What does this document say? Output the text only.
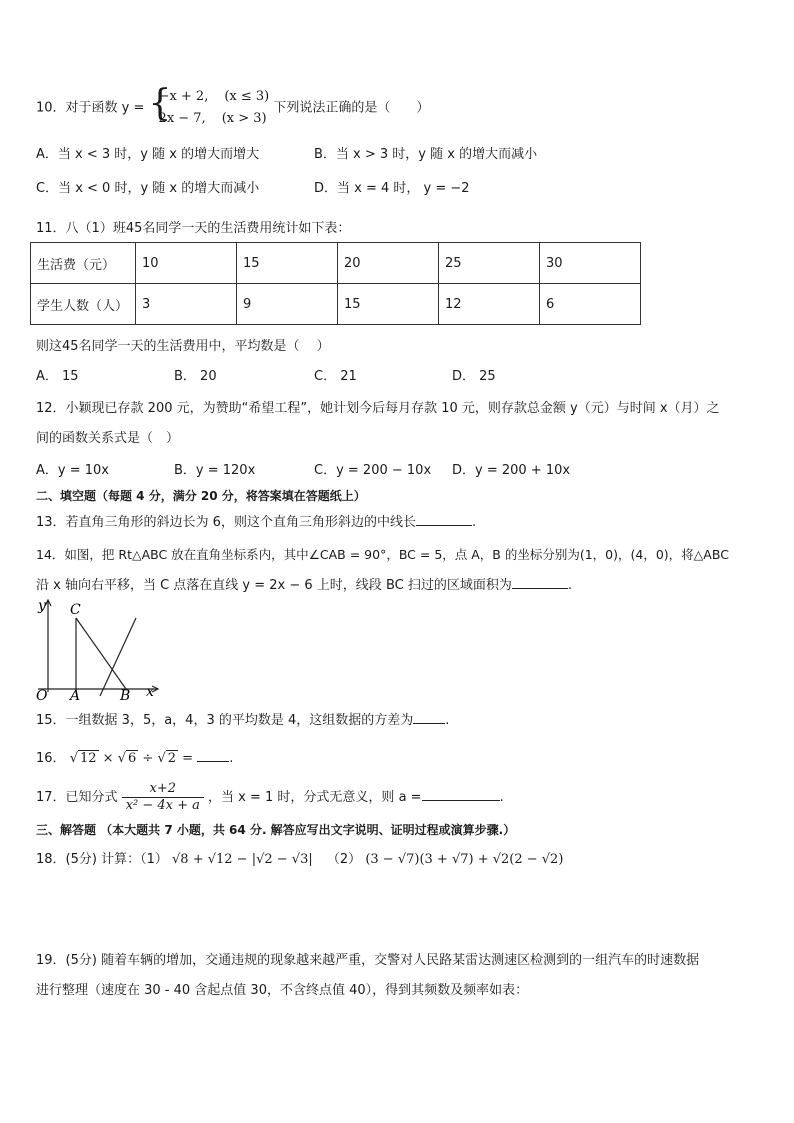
10．对于函数 y = {
−x + 2, (x ≤ 3)
2x − 7, (x > 3)
下列说法正确的是（　　）
A．当 x < 3 时，y 随 x 的增大而增大	B．当 x > 3 时，y 随 x 的增大而减小
C．当 x < 0 时，y 随 x 的增大而减小	D．当 x = 4 时， y = −2
11．八（1）班45名同学一天的生活费用统计如下表：
生活费（元）	10	15	20	25	30
学生人数（人）	3	9	15	12	6
则这45名同学一天的生活费用中，平均数是（　 ）
A． 15	B． 20	C． 21	D． 25
12．小颖现已存款 200 元，为赞助“希望工程”，她计划今后每月存款 10 元，则存款总金额 y（元）与时间 x（月）之
间的函数关系式是（　）
A．y = 10x	B．y = 120x	C．y = 200 − 10x D．y = 200 + 10x
二、填空题（每题 4 分，满分 20 分，将答案填在答题纸上）
13．若直角三角形的斜边长为 6，则这个直角三角形斜边的中线长	.
14．如图，把 Rt△ABC 放在直角坐标系内，其中∠CAB = 90°，BC = 5，点 A，B 的坐标分别为(1，0)，(4，0)，将△ABC
沿 x 轴向右平移，当 C 点落在直线 y = 2x − 6 上时，线段 BC 扫过的区域面积为	.
y C
O A	B x
15．一组数据 3，5，a，4，3 的平均数是 4，这组数据的方差为 .
16． √ 12 × √ 6 ÷ √ 2 = .
17．已知分式 $\frac{x+2}{\text{x² − 4x + a}}$ ，当 x = 1 时，分式无意义，则 a =	.
三、解答题 （本大题共 7 小题，共 64 分. 解答应写出文字说明、证明过程或演算步骤.）
18．(5分) 计算：（1） √8 + √12 − |√2 − √3| （2） (3 − √7)(3 + √7) + √2(2 − √2)
19．(5分) 随着车辆的增加，交通违规的现象越来越严重，交警对人民路某雷达测速区检测到的一组汽车的时速数据
进行整理（速度在 30 - 40 含起点值 30，不含终点值 40），得到其频数及频率如表：
